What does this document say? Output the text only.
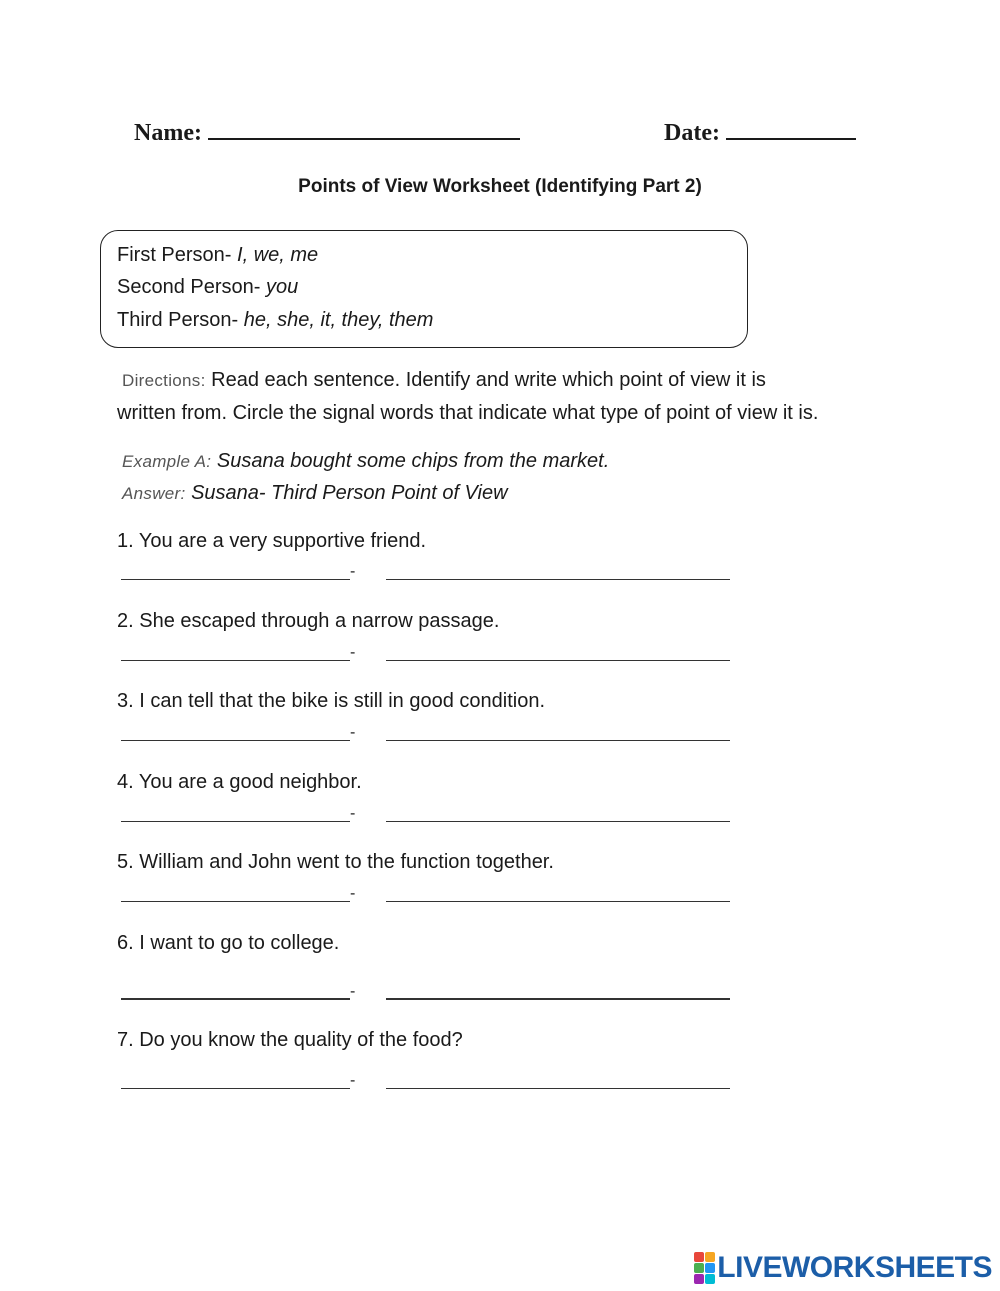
Name:	Date:
Points of View Worksheet (Identifying Part 2)
First Person- I, we, me
Second Person- you
Third Person- he, she, it, they, them
Directions: Read each sentence. Identify and write which point of view it is
written from. Circle the signal words that indicate what type of point of view it is.
Example A: Susana bought some chips from the market.
Answer: Susana- Third Person Point of View
1. You are a very supportive friend.
-
2. She escaped through a narrow passage.
-
3. I can tell that the bike is still in good condition.
-
4. You are a good neighbor.
-
5. William and John went to the function together.
-
6. I want to go to college.
-
7. Do you know the quality of the food?
-
LIVEWORKSHEETS
